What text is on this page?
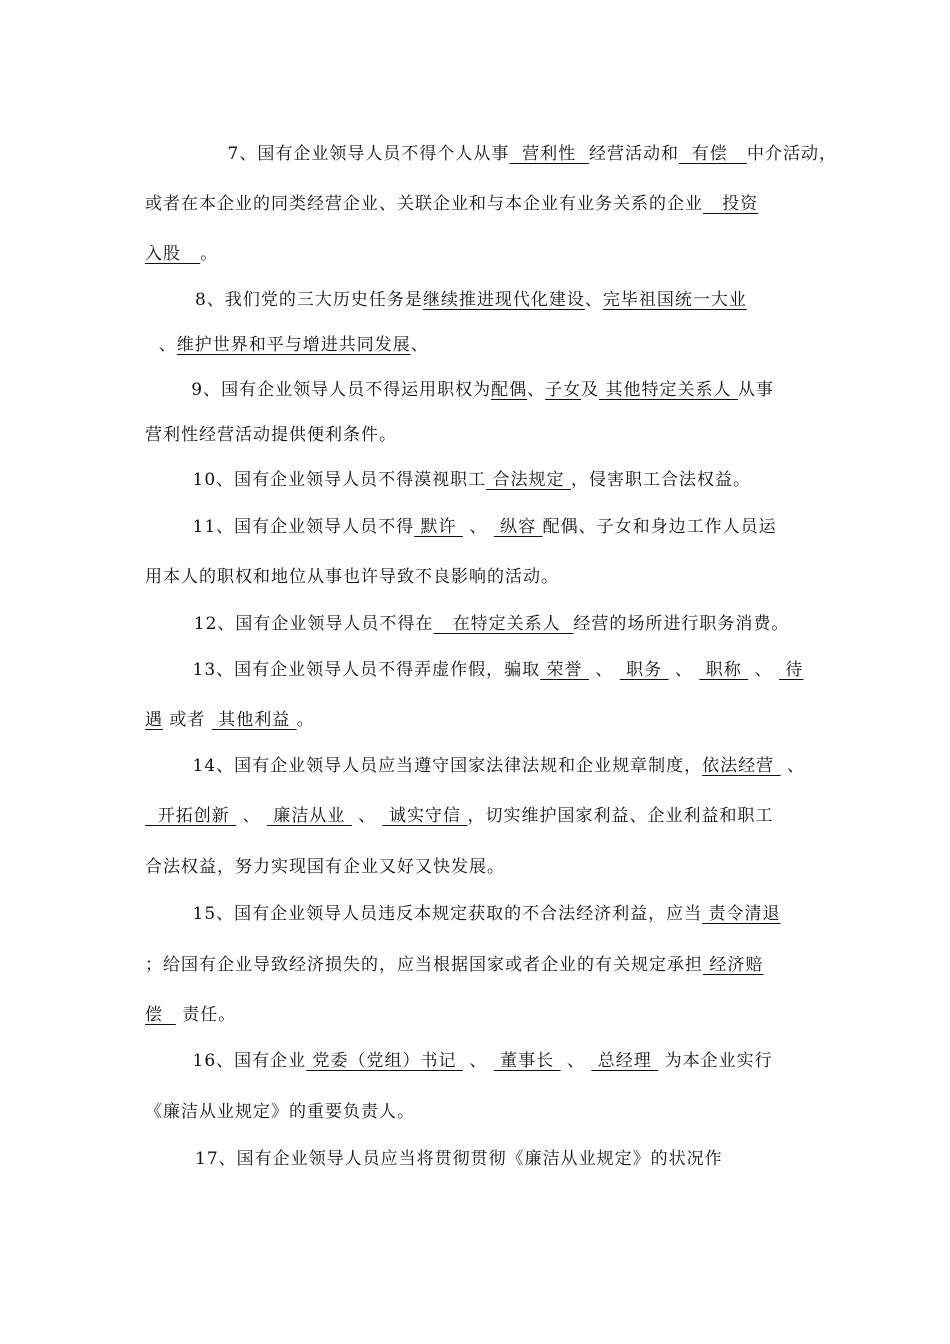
7、国有企业领导人员不得个人从事  营利性  经营活动和  有偿   中介活动，
或者在本企业的同类经营企业、关联企业和与本企业有业务关系的企业   投资
入股   。
8、我们党的三大历史任务是继续推进现代化建设、完毕祖国统一大业
、维护世界和平与增进共同发展、
9、国有企业领导人员不得运用职权为配偶、子女及 其他特定关系人 从事
营利性经营活动提供便利条件。
10、国有企业领导人员不得漠视职工 合法规定 ，侵害职工合法权益。
11、国有企业领导人员不得 默许  、  纵容 配偶、子女和身边工作人员运
用本人的职权和地位从事也许导致不良影响的活动。
12、国有企业领导人员不得在   在特定关系人  经营的场所进行职务消费。
13、国有企业领导人员不得弄虚作假，骗取 荣誉  、  职务  、  职称  、  待
遇 或者  其他利益 。
14、国有企业领导人员应当遵守国家法律法规和企业规章制度，依法经营  、
开拓创新  、  廉洁从业  、  诚实守信 ，切实维护国家利益、企业利益和职工
合法权益，努力实现国有企业又好又快发展。
15、国有企业领导人员违反本规定获取的不合法经济利益，应当 责令清退
；给国有企业导致经济损失的，应当根据国家或者企业的有关规定承担 经济赔
偿   责任。
16、国有企业 党委（党组）书记  、  董事长  、  总经理  为本企业实行
《廉洁从业规定》的重要负责人。
17、国有企业领导人员应当将贯彻贯彻《廉洁从业规定》的状况作
